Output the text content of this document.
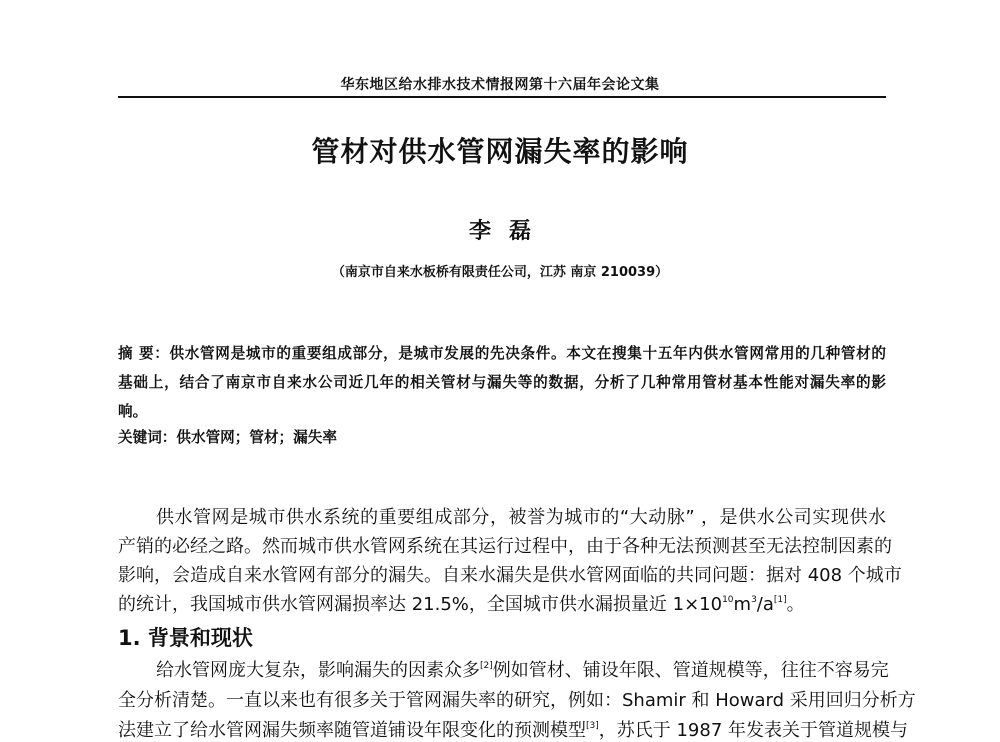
华东地区给水排水技术情报网第十六届年会论文集
管材对供水管网漏失率的影响
李磊
（南京市自来水板桥有限责任公司，江苏 南京 210039）
摘 要：供水管网是城市的重要组成部分，是城市发展的先决条件。本文在搜集十五年内供水管网常用的几种管材的
基础上，结合了南京市自来水公司近几年的相关管材与漏失等的数据，分析了几种常用管材基本性能对漏失率的影
响。
关键词：供水管网；管材；漏失率
供水管网是城市供水系统的重要组成部分，被誉为城市的“大动脉” ，是供水公司实现供水
产销的必经之路。然而城市供水管网系统在其运行过程中，由于各种无法预测甚至无法控制因素的
影响，会造成自来水管网有部分的漏失。自来水漏失是供水管网面临的共同问题：据对 408 个城市
的统计，我国城市供水管网漏损率达 21.5%，全国城市供水漏损量近 $1\times 10^{10}m^3/a[1]$。
1. 背景和现状
给水管网庞大复杂，影响漏失的因素众多[2]例如管材、铺设年限、管道规模等，往往不容易完
全分析清楚。一直以来也有很多关于管网漏失率的研究，例如：Shamir 和 Howard 采用回归分析方
法建立了给水管网漏失频率随管道铺设年限变化的预测模型[3]，苏氏于 1987 年发表关于管道规模与
